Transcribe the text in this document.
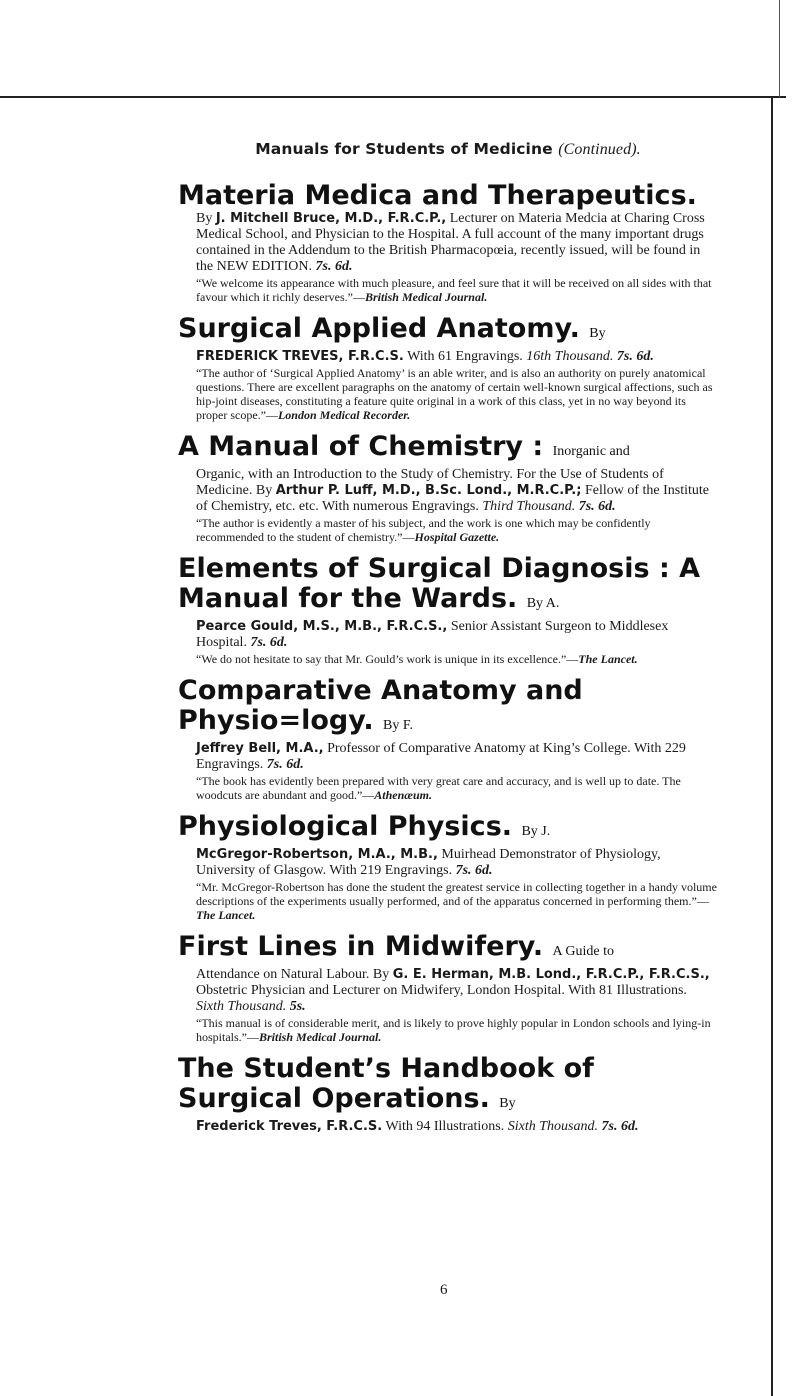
Manuals for Students of Medicine (Continued).
Materia Medica and Therapeutics.
By J. Mitchell Bruce, M.D., F.R.C.P., Lecturer on Materia Medcia at Charing Cross Medical School, and Physician to the Hospital. A full account of the many important drugs contained in the Addendum to the British Pharmacopœia, recently issued, will be found in the NEW EDITION. 7s. 6d.
“We welcome its appearance with much pleasure, and feel sure that it will be received on all sides with that favour which it richly deserves.”—British Medical Journal.
Surgical Applied Anatomy. By
FREDERICK TREVES, F.R.C.S. With 61 Engravings. 16th Thousand. 7s. 6d.
“The author of ‘Surgical Applied Anatomy’ is an able writer, and is also an authority on purely anatomical questions. There are excellent paragraphs on the anatomy of certain well-known surgical affections, such as hip-joint diseases, constituting a feature quite original in a work of this class, yet in no way beyond its proper scope.”—London Medical Recorder.
A Manual of Chemistry : Inorganic and
Organic, with an Introduction to the Study of Chemistry. For the Use of Students of Medicine. By Arthur P. Luff, M.D., B.Sc. Lond., M.R.C.P.; Fellow of the Institute of Chemistry, etc. etc. With numerous Engravings. Third Thousand. 7s. 6d.
“The author is evidently a master of his subject, and the work is one which may be confidently recommended to the student of chemistry.”—Hospital Gazette.
Elements of Surgical Diagnosis : A Manual for the Wards. By A.
Pearce Gould, M.S., M.B., F.R.C.S., Senior Assistant Surgeon to Middlesex Hospital. 7s. 6d.
“We do not hesitate to say that Mr. Gould’s work is unique in its excellence.”—The Lancet.
Comparative Anatomy and Physio=logy. By F.
Jeffrey Bell, M.A., Professor of Comparative Anatomy at King’s College. With 229 Engravings. 7s. 6d.
“The book has evidently been prepared with very great care and accuracy, and is well up to date. The woodcuts are abundant and good.”—Athenæum.
Physiological Physics. By J.
McGregor-Robertson, M.A., M.B., Muirhead Demonstrator of Physiology, University of Glasgow. With 219 Engravings. 7s. 6d.
“Mr. McGregor-Robertson has done the student the greatest service in collecting together in a handy volume descriptions of the experiments usually performed, and of the apparatus concerned in performing them.”—The Lancet.
First Lines in Midwifery. A Guide to
Attendance on Natural Labour. By G. E. Herman, M.B. Lond., F.R.C.P., F.R.C.S., Obstetric Physician and Lecturer on Midwifery, London Hospital. With 81 Illustrations. Sixth Thousand. 5s.
“This manual is of considerable merit, and is likely to prove highly popular in London schools and lying-in hospitals.”—British Medical Journal.
The Student’s Handbook of Surgical Operations. By
Frederick Treves, F.R.C.S. With 94 Illustrations. Sixth Thousand. 7s. 6d.
6
